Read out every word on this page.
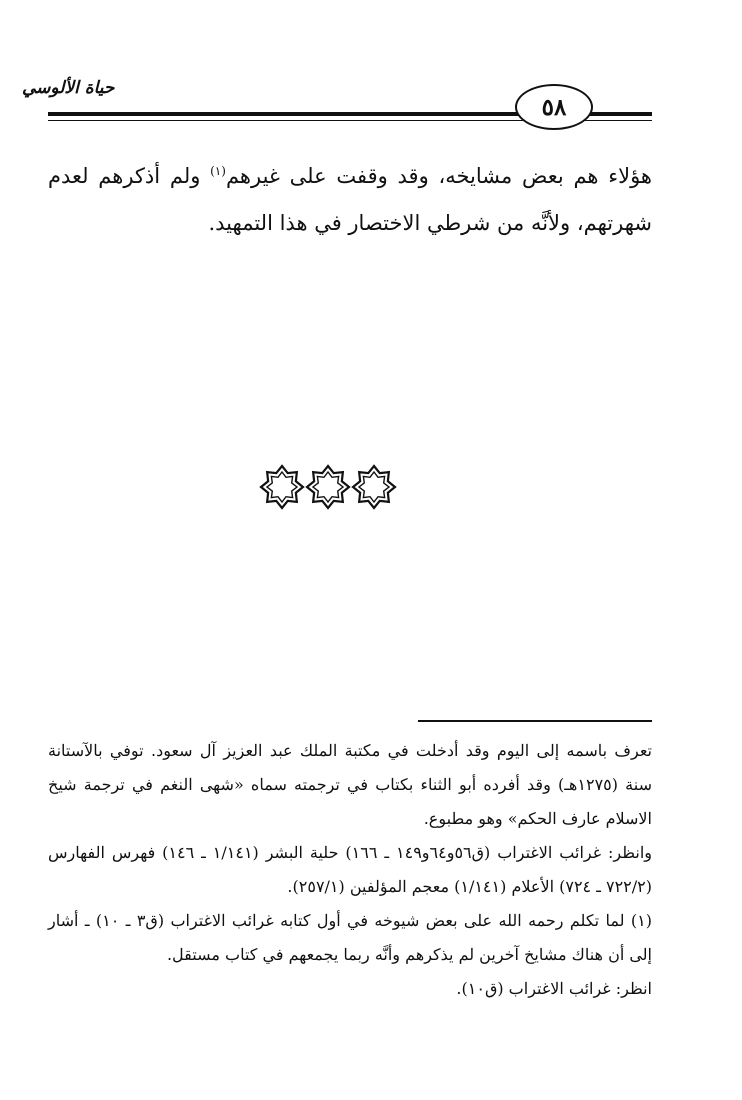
حياة الألوسي
٥٨

هؤلاء هم بعض مشايخه، وقد وقفت على غيرهم$^{(١)}$ ولم أذكرهم لعدم شهرتهم، ولأنَّه من شرطي الاختصار في هذا التمهيد.

تعرف باسمه إلى اليوم وقد أدخلت في مكتبة الملك عبد العزيز آل سعود. توفي بالآستانة سنة (١٢٧٥هـ) وقد أفرده أبو الثناء بكتاب في ترجمته سماه «شهى النغم في ترجمة شيخ الاسلام عارف الحكم» وهو مطبوع.

وانظر: غرائب الاغتراب (ق٥٦و٦٤و١٤٩ ـ ١٦٦) حلية البشر (١/١٤١ ـ ١٤٦) فهرس الفهارس (٧٢٢/٢ ـ ٧٢٤) الأعلام (١/١٤١) معجم المؤلفين (٢٥٧/١).

(١) لما تكلم رحمه الله على بعض شيوخه في أول كتابه غرائب الاغتراب (ق٣ ـ ١٠) ـ أشار إلى أن هناك مشايخ آخرين لم يذكرهم وأنَّه ربما يجمعهم في كتاب مستقل.

انظر: غرائب الاغتراب (ق١٠).
